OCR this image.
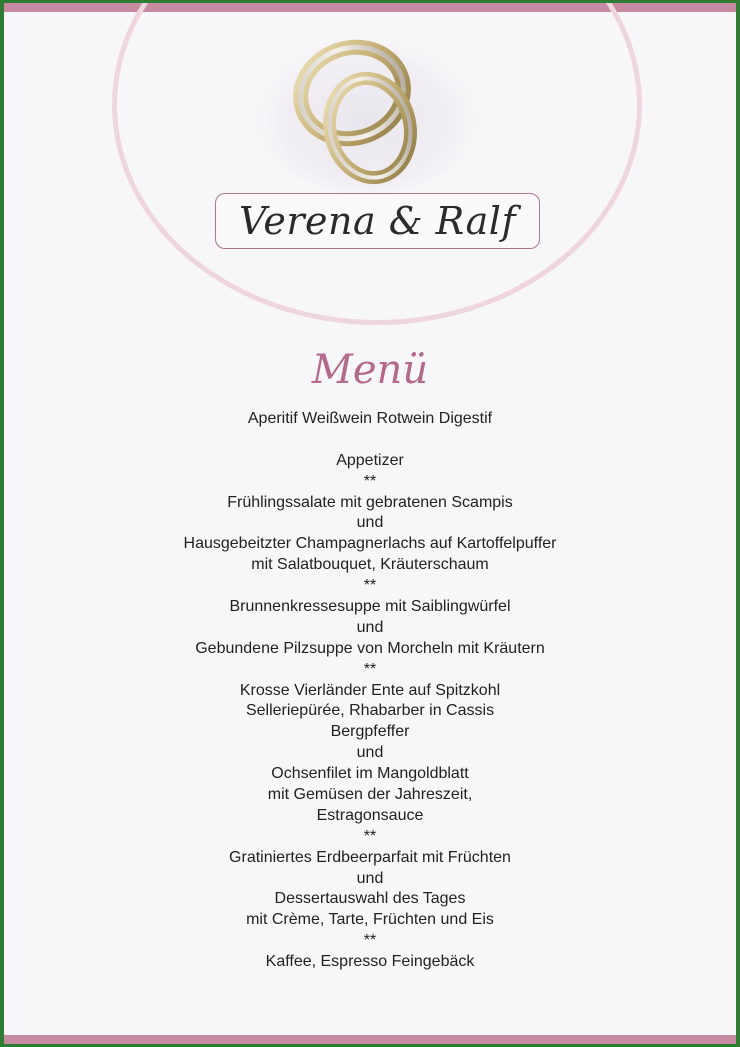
Verena & Ralf
Menü
Aperitif Weißwein Rotwein Digestif
Appetizer
**
Frühlingssalate mit gebratenen Scampis
und
Hausgebeitzter Champagnerlachs auf Kartoffelpuffer
mit Salatbouquet, Kräuterschaum
**
Brunnenkressesuppe mit Saiblingwürfel
und
Gebundene Pilzsuppe von Morcheln mit Kräutern
**
Krosse Vierländer Ente auf Spitzkohl
Selleriepürée, Rhabarber in Cassis
Bergpfeffer
und
Ochsenfilet im Mangoldblatt
mit Gemüsen der Jahreszeit,
Estragonsauce
**
Gratiniertes Erdbeerparfait mit Früchten
und
Dessertauswahl des Tages
mit Crème, Tarte, Früchten und Eis
**
Kaffee, Espresso Feingebäck
